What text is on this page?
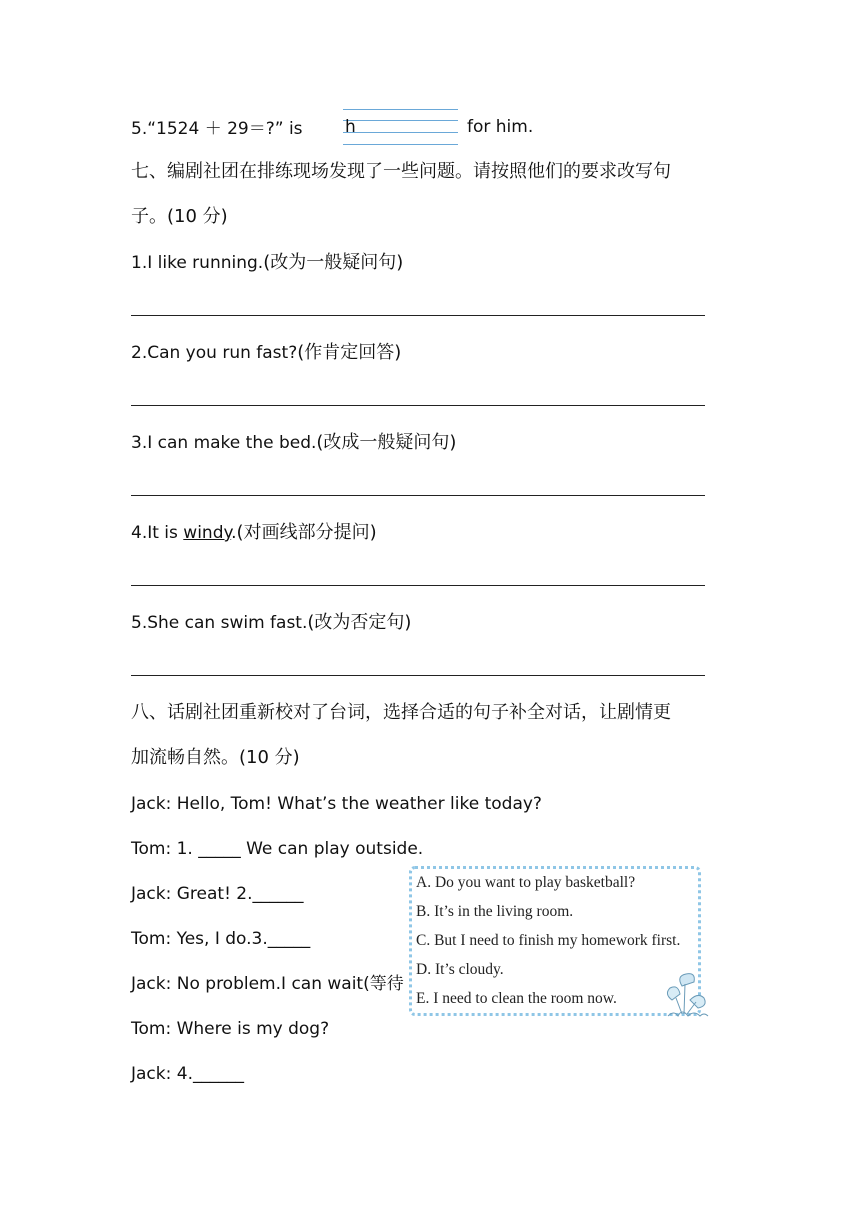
5.“1524 ＋ 29＝?” is h	for him.
七、编剧社团在排练现场发现了一些问题。请按照他们的要求改写句
子。(10 分)
1.I like running.(改为一般疑问句)
2.Can you run fast?(作肯定回答)
3.I can make the bed.(改成一般疑问句)
4.It is windy.(对画线部分提问)
5.She can swim fast.(改为否定句)
八、话剧社团重新校对了台词，选择合适的句子补全对话，让剧情更
加流畅自然。(10 分)
Jack: Hello, Tom! What’s the weather like today?
Tom: 1. _____ We can play outside.
Jack: Great! 2.______
Tom: Yes, I do.3._____
Jack: No problem.I can wait(等待
Tom: Where is my dog?
Jack: 4.______
A. Do you want to play basketball?
B. It’s in the living room.
C. But I need to finish my homework first.
D. It’s cloudy.
E. I need to clean the room now.
